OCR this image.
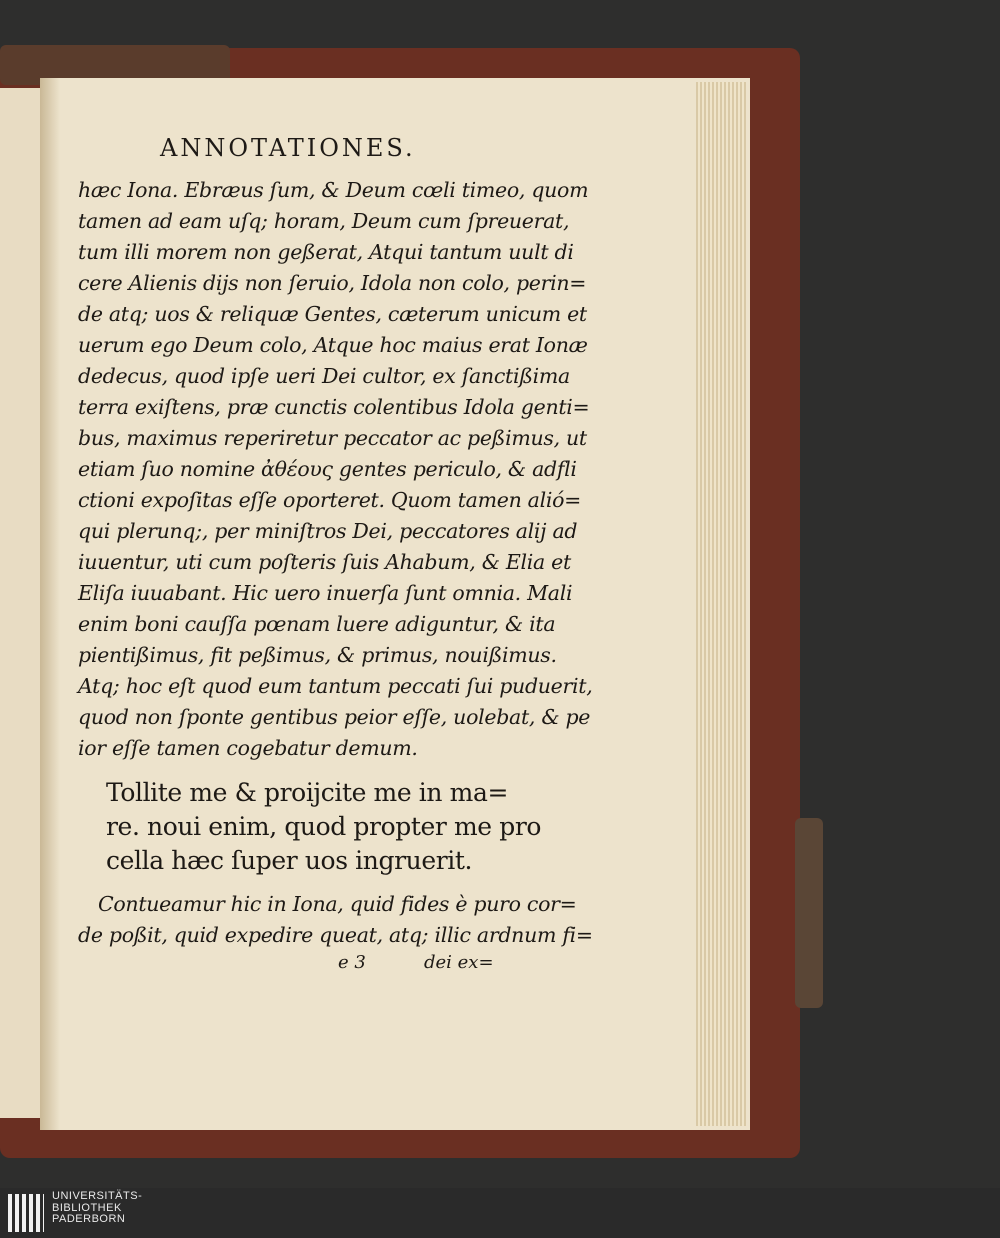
ANNOTATIONES.
hæc Iona. Ebræus ſum, & Deum cœli timeo, quom
tamen ad eam uſq; horam, Deum cum ſpreuerat,
tum illi morem non geßerat, Atqui tantum uult di
cere Alienis dijs non ſeruio, Idola non colo, perin=
de atq; uos & reliquæ Gentes, cæterum unicum et
uerum ego Deum colo, Atque hoc maius erat Ionæ
dedecus, quod ipſe ueri Dei cultor, ex ſanctißima
terra exiſtens, præ cunctis colentibus Idola genti=
bus, maximus reperiretur peccator ac peßimus, ut
etiam ſuo nomine ἀθέους gentes periculo, & adfli
ctioni expoſitas eſſe oporteret. Quom tamen alió=
qui plerunq;, per miniſtros Dei, peccatores alij ad
iuuentur, uti cum poſteris ſuis Ahabum, & Elia et
Eliſa iuuabant. Hic uero inuerſa ſunt omnia. Mali
enim boni cauſſa pœnam luere adiguntur, & ita
pientißimus, fit peßimus, & primus, nouißimus.
Atq; hoc eſt quod eum tantum peccati ſui puduerit,
quod non ſponte gentibus peior eſſe, uolebat, & pe
ior eſſe tamen cogebatur demum.
Tollite me & proijcite me in ma=
re. noui enim, quod propter me pro
cella hæc ſuper uos ingruerit.
Contueamur hic in Iona, quid fides è puro cor=
de poßit, quid expedire queat, atq; illic ardnum fi=
e 3	dei ex=
UNIVERSITÄTS-
BIBLIOTHEK
PADERBORN
